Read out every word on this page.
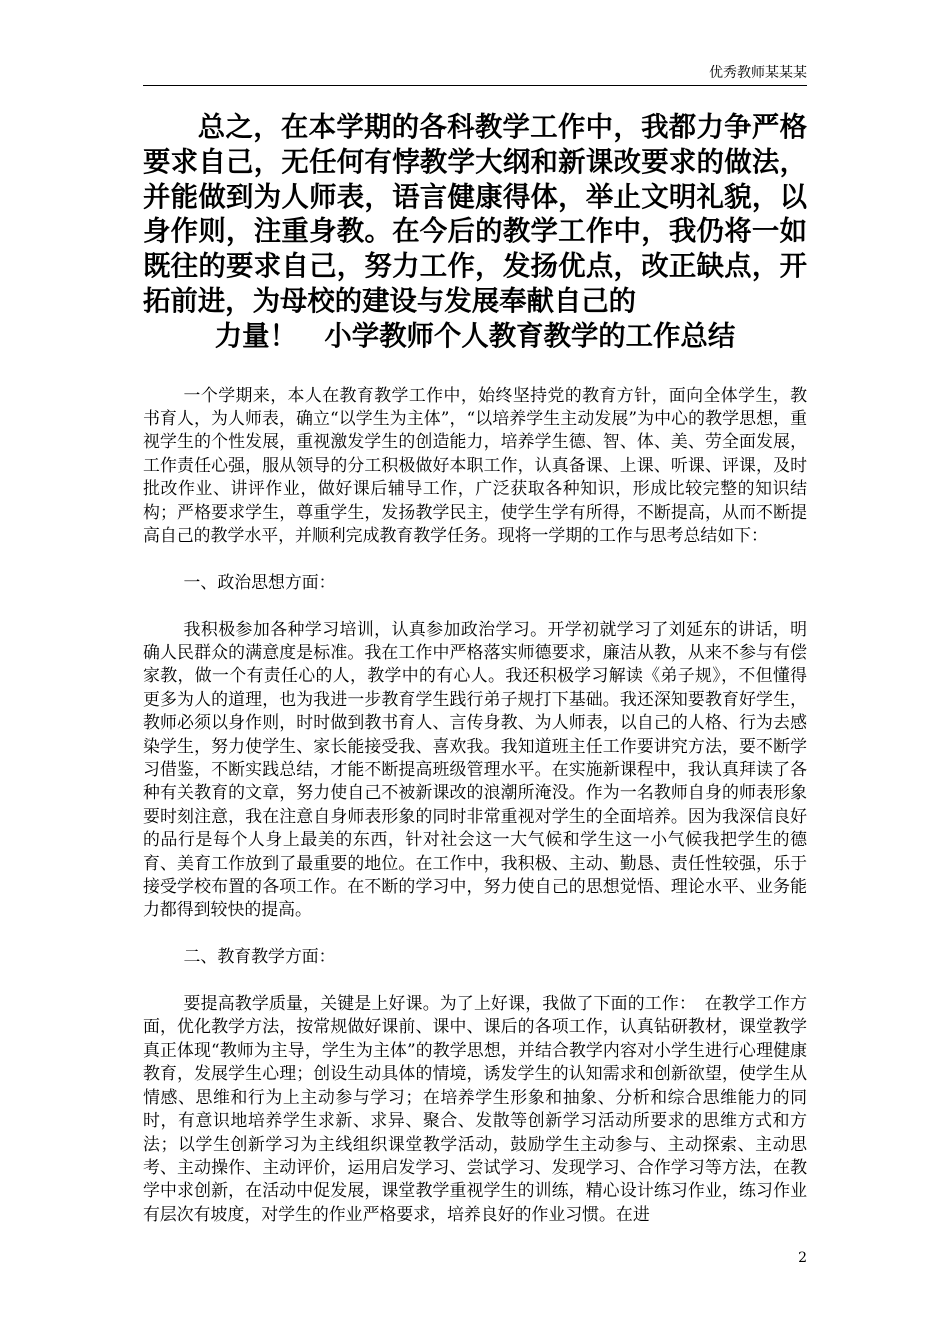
优秀教师某某某

总之，在本学期的各科教学工作中，我都力争严格要求自己，无任何有悖教学大纲和新课改要求的做法，并能做到为人师表，语言健康得体，举止文明礼貌，以身作则，注重身教。在今后的教学工作中，我仍将一如既往的要求自己，努力工作，发扬优点，改正缺点，开拓前进，为母校的建设与发展奉献自己的
力量！　小学教师个人教育教学的工作总结

一个学期来，本人在教育教学工作中，始终坚持党的教育方针，面向全体学生，教书育人，为人师表，确立“以学生为主体”，“以培养学生主动发展”为中心的教学思想，重视学生的个性发展，重视激发学生的创造能力，培养学生德、智、体、美、劳全面发展，工作责任心强，服从领导的分工积极做好本职工作，认真备课、上课、听课、评课，及时批改作业、讲评作业，做好课后辅导工作，广泛获取各种知识，形成比较完整的知识结构；严格要求学生，尊重学生，发扬教学民主，使学生学有所得，不断提高，从而不断提高自己的教学水平，并顺利完成教育教学任务。现将一学期的工作与思考总结如下：

一、政治思想方面：

我积极参加各种学习培训，认真参加政治学习。开学初就学习了刘延东的讲话，明确人民群众的满意度是标准。我在工作中严格落实师德要求，廉洁从教，从来不参与有偿家教，做一个有责任心的人，教学中的有心人。我还积极学习解读《弟子规》，不但懂得更多为人的道理，也为我进一步教育学生践行弟子规打下基础。我还深知要教育好学生，教师必须以身作则，时时做到教书育人、言传身教、为人师表，以自己的人格、行为去感染学生，努力使学生、家长能接受我、喜欢我。我知道班主任工作要讲究方法，要不断学习借鉴，不断实践总结，才能不断提高班级管理水平。在实施新课程中，我认真拜读了各种有关教育的文章，努力使自己不被新课改的浪潮所淹没。作为一名教师自身的师表形象要时刻注意，我在注意自身师表形象的同时非常重视对学生的全面培养。因为我深信良好的品行是每个人身上最美的东西，针对社会这一大气候和学生这一小气候我把学生的德育、美育工作放到了最重要的地位。在工作中，我积极、主动、勤恳、责任性较强，乐于接受学校布置的各项工作。在不断的学习中，努力使自己的思想觉悟、理论水平、业务能力都得到较快的提高。

二、教育教学方面：

要提高教学质量，关键是上好课。为了上好课，我做了下面的工作：　在教学工作方面，优化教学方法，按常规做好课前、课中、课后的各项工作，认真钻研教材，课堂教学真正体现“教师为主导，学生为主体”的教学思想，并结合教学内容对小学生进行心理健康教育，发展学生心理；创设生动具体的情境，诱发学生的认知需求和创新欲望，使学生从情感、思维和行为上主动参与学习；在培养学生形象和抽象、分析和综合思维能力的同时，有意识地培养学生求新、求异、聚合、发散等创新学习活动所要求的思维方式和方法；以学生创新学习为主线组织课堂教学活动，鼓励学生主动参与、主动探索、主动思考、主动操作、主动评价，运用启发学习、尝试学习、发现学习、合作学习等方法，在教学中求创新，在活动中促发展，课堂教学重视学生的训练，精心设计练习作业，练习作业有层次有坡度，对学生的作业严格要求，培养良好的作业习惯。在进

2
